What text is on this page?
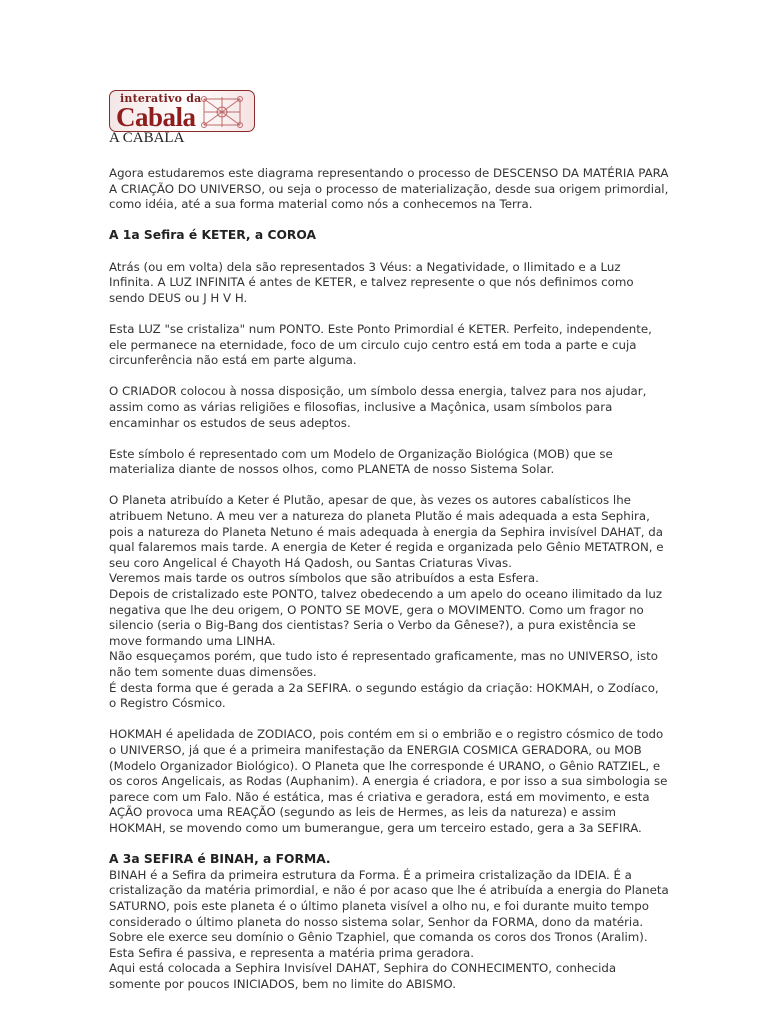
interativo da
Cabala
A CABALA

Agora estudaremos este diagrama representando o processo de DESCENSO DA MATÉRIA PARA A CRIAÇÃO DO UNIVERSO, ou seja o processo de materialização, desde sua origem primordial, como idéia, até a sua forma material como nós a conhecemos na Terra.

A 1a Sefira é KETER, a COROA

Atrás (ou em volta) dela são representados 3 Véus: a Negatividade, o Ilimitado e a Luz Infinita. A LUZ INFINITA é antes de KETER, e talvez represente o que nós definimos como sendo DEUS ou J H V H.

Esta LUZ "se cristaliza" num PONTO. Este Ponto Primordial é KETER. Perfeito, independente, ele permanece na eternidade, foco de um circulo cujo centro está em toda a parte e cuja circunferência não está em parte alguma.

O CRIADOR colocou à nossa disposição, um símbolo dessa energia, talvez para nos ajudar, assim como as várias religiões e filosofias, inclusive a Maçônica, usam símbolos para encaminhar os estudos de seus adeptos.

Este símbolo é representado com um Modelo de Organização Biológica (MOB) que se materializa diante de nossos olhos, como PLANETA de nosso Sistema Solar.

O Planeta atribuído a Keter é Plutão, apesar de que, às vezes os autores cabalísticos lhe atribuem Netuno. A meu ver a natureza do planeta Plutão é mais adequada a esta Sephira, pois a natureza do Planeta Netuno é mais adequada à energia da Sephira invisível DAHAT, da qual falaremos mais tarde. A energia de Keter é regida e organizada pelo Gênio METATRON, e seu coro Angelical é Chayoth Há Qadosh, ou Santas Criaturas Vivas.

Veremos mais tarde os outros símbolos que são atribuídos a esta Esfera.

Depois de cristalizado este PONTO, talvez obedecendo a um apelo do oceano ilimitado da luz negativa que lhe deu origem, O PONTO SE MOVE, gera o MOVIMENTO. Como um fragor no silencio (seria o Big-Bang dos cientistas? Seria o Verbo da Gênese?), a pura existência se move formando uma LINHA.

Não esqueçamos porém, que tudo isto é representado graficamente, mas no UNIVERSO, isto não tem somente duas dimensões.

É desta forma que é gerada a 2a SEFIRA. o segundo estágio da criação: HOKMAH, o Zodíaco, o Registro Cósmico.

HOKMAH é apelidada de ZODIACO, pois contém em si o embrião e o registro cósmico de todo o UNIVERSO, já que é a primeira manifestação da ENERGIA COSMICA GERADORA, ou MOB (Modelo Organizador Biológico). O Planeta que lhe corresponde é URANO, o Gênio RATZIEL, e os coros Angelicais, as Rodas (Auphanim). A energia é criadora, e por isso a sua simbologia se parece com um Falo. Não é estática, mas é criativa e geradora, está em movimento, e esta AÇÃO provoca uma REAÇÃO (segundo as leis de Hermes, as leis da natureza) e assim HOKMAH, se movendo como um bumerangue, gera um terceiro estado, gera a 3a SEFIRA.

A 3a SEFIRA é BINAH, a FORMA.

BINAH é a Sefira da primeira estrutura da Forma. É a primeira cristalização da IDEIA. É a cristalização da matéria primordial, e não é por acaso que lhe é atribuída a energia do Planeta SATURNO, pois este planeta é o último planeta visível a olho nu, e foi durante muito tempo considerado o último planeta do nosso sistema solar, Senhor da FORMA, dono da matéria. Sobre ele exerce seu domínio o Gênio Tzaphiel, que comanda os coros dos Tronos (Aralim).

Esta Sefira é passiva, e representa a matéria prima geradora.

Aqui está colocada a Sephira Invisível DAHAT, Sephira do CONHECIMENTO, conhecida somente por poucos INICIADOS, bem no limite do ABISMO.
